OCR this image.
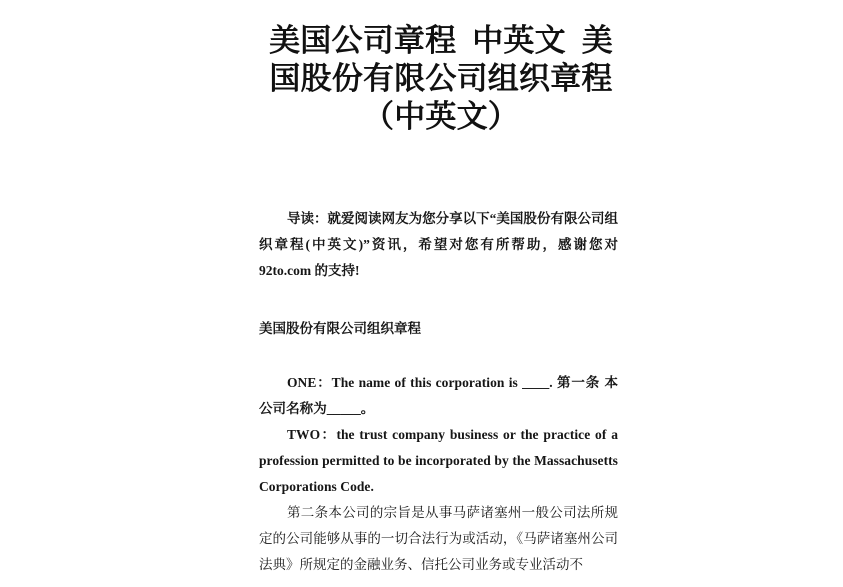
美国公司章程  中英文  美
国股份有限公司组织章程
（中英文）

导读：就爱阅读网友为您分享以下“美国股份有限公司组织章程(中英文)”资讯，希望对您有所帮助，感谢您对 92to.com 的支持!

美国股份有限公司组织章程

ONE：The name of this corporation is ____. 第一条 本公司名称为_____。

TWO：the trust company business or the practice of a profession permitted to be incorporated by the Massachusetts Corporations Code.

第二条本公司的宗旨是从事马萨诸塞州一般公司法所规定的公司能够从事的一切合法行为或活动，《马萨诸塞州公司法典》所规定的金融业务、信托公司业务或专业活动不
